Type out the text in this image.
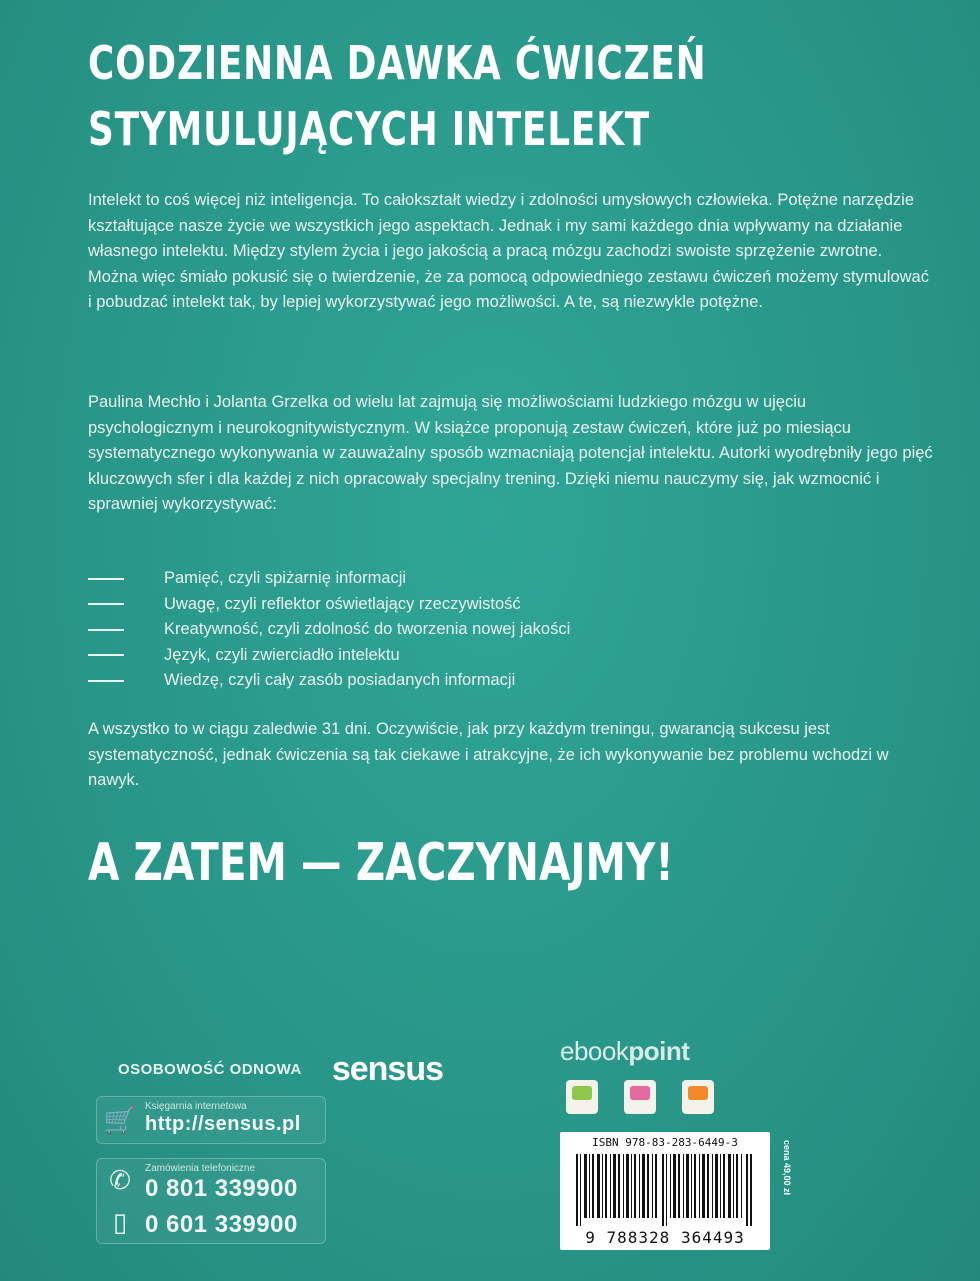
CODZIENNA DAWKA ĆWICZEŃ
STYMULUJĄCYCH INTELEKT
Intelekt to coś więcej niż inteligencja. To całokształt wiedzy i zdolności umysłowych człowieka. Potężne narzędzie kształtujące nasze życie we wszystkich jego aspektach. Jednak i my sami każdego dnia wpływamy na działanie własnego intelektu. Między stylem życia i jego jakością a pracą mózgu zachodzi swoiste sprzężenie zwrotne. Można więc śmiało pokusić się o twierdzenie, że za pomocą odpowiedniego zestawu ćwiczeń możemy stymulować i pobudzać intelekt tak, by lepiej wykorzystywać jego możliwości. A te, są niezwykle potężne.
Paulina Mechło i Jolanta Grzelka od wielu lat zajmują się możliwościami ludzkiego mózgu w ujęciu psychologicznym i neurokognitywistycznym. W książce proponują zestaw ćwiczeń, które już po miesiącu systematycznego wykonywania w zauważalny sposób wzmacniają potencjał intelektu. Autorki wyodrębniły jego pięć kluczowych sfer i dla każdej z nich opracowały specjalny trening. Dzięki niemu nauczymy się, jak wzmocnić i sprawniej wykorzystywać:
Pamięć, czyli spiżarnię informacji
Uwagę, czyli reflektor oświetlający rzeczywistość
Kreatywność, czyli zdolność do tworzenia nowej jakości
Język, czyli zwierciadło intelektu
Wiedzę, czyli cały zasób posiadanych informacji
A wszystko to w ciągu zaledwie 31 dni. Oczywiście, jak przy każdym treningu, gwarancją sukcesu jest systematyczność, jednak ćwiczenia są tak ciekawe i atrakcyjne, że ich wykonywanie bez problemu wchodzi w nawyk.
A ZATEM — ZACZYNAJMY!
OSOBOWOŚĆ ODNOWA sensus	ebookpoint
🛒 Księgarnia internetowa
http://sensus.pl
✆	Zamówienia telefoniczne
0 801 339900
▯ 0 601 339900
ISBN 978-83-283-6449-3
9 788328 364493
cena 49,00 zł
